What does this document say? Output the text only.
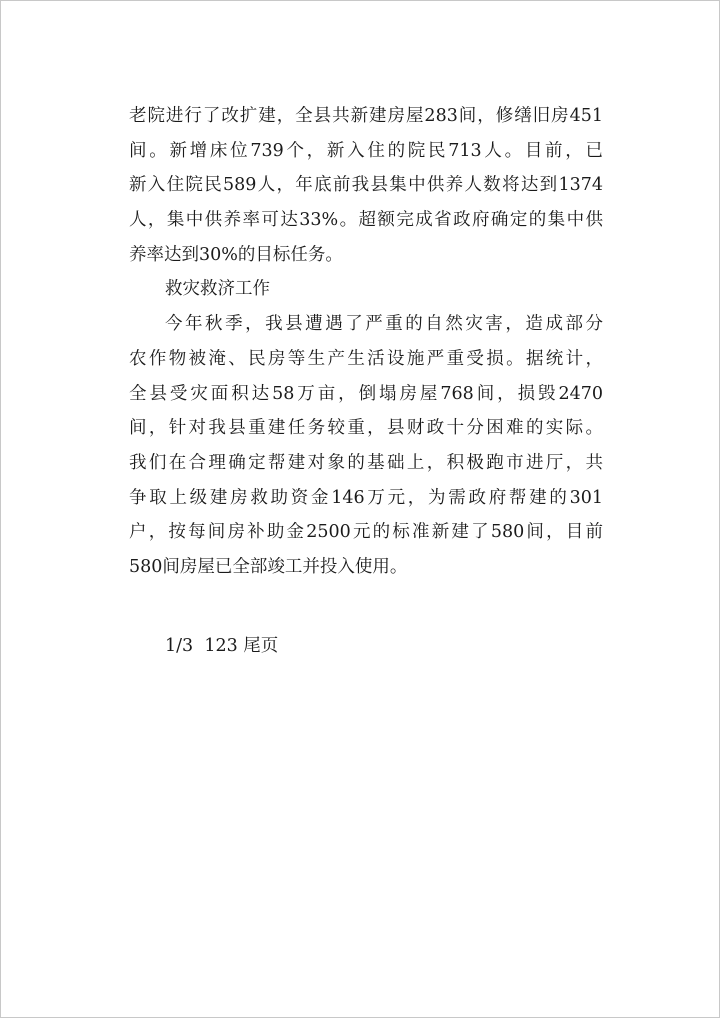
老院进行了改扩建，全县共新建房屋283间，修缮旧房451
间。新增床位739个，新入住的院民713人。目前，已
新入住院民589人，年底前我县集中供养人数将达到1374
人，集中供养率可达33%。超额完成省政府确定的集中供
养率达到30%的目标任务。
救灾救济工作
今年秋季，我县遭遇了严重的自然灾害，造成部分
农作物被淹、民房等生产生活设施严重受损。据统计，
全县受灾面积达58万亩，倒塌房屋768间，损毁2470
间，针对我县重建任务较重，县财政十分困难的实际。
我们在合理确定帮建对象的基础上，积极跑市进厅，共
争取上级建房救助资金146万元，为需政府帮建的301
户，按每间房补助金2500元的标准新建了580间，目前
580间房屋已全部竣工并投入使用。
1/3 123 尾页
